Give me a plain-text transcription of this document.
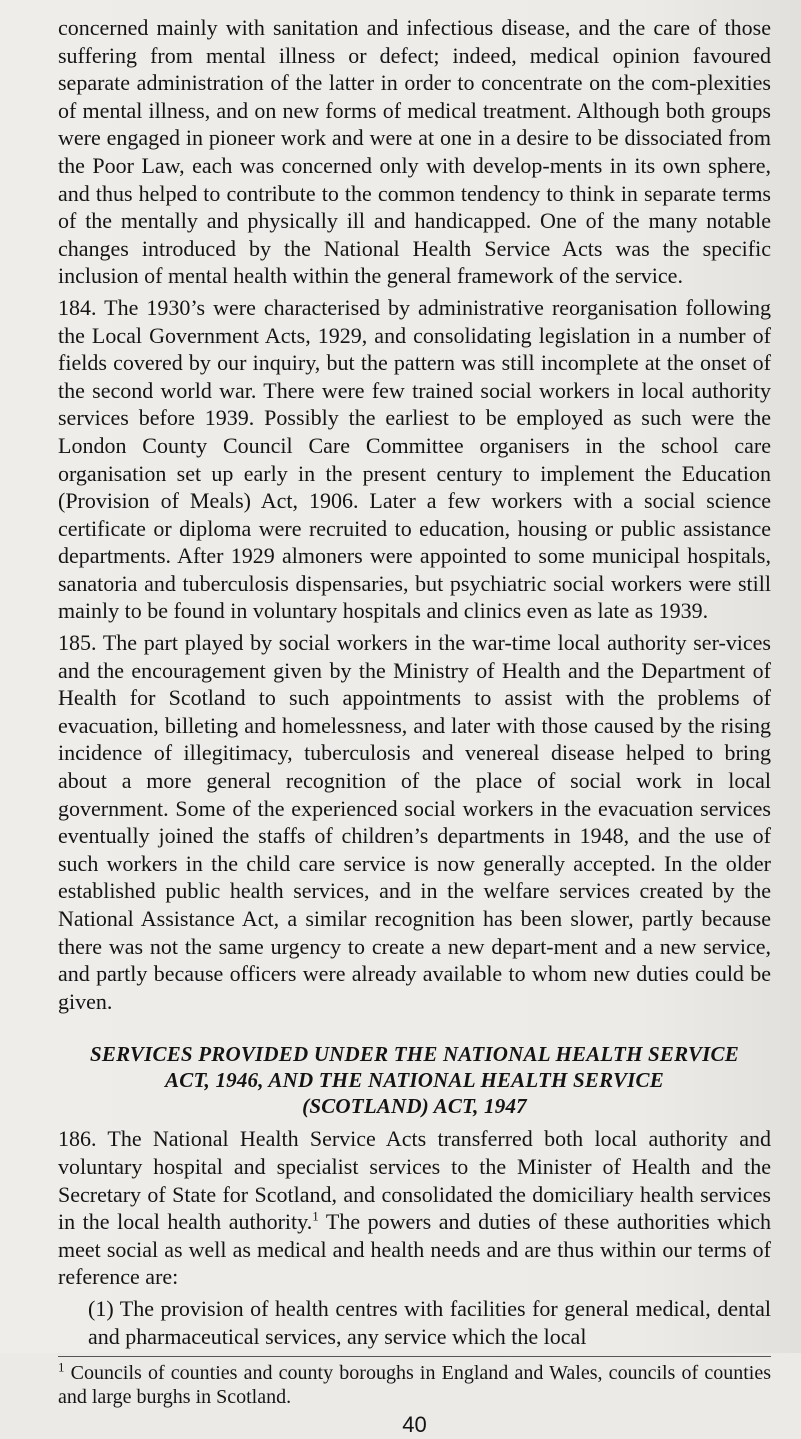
concerned mainly with sanitation and infectious disease, and the care of those suffering from mental illness or defect; indeed, medical opinion favoured separate administration of the latter in order to concentrate on the com-plexities of mental illness, and on new forms of medical treatment. Although both groups were engaged in pioneer work and were at one in a desire to be dissociated from the Poor Law, each was concerned only with develop-ments in its own sphere, and thus helped to contribute to the common tendency to think in separate terms of the mentally and physically ill and handicapped. One of the many notable changes introduced by the National Health Service Acts was the specific inclusion of mental health within the general framework of the service.

184. The 1930’s were characterised by administrative reorganisation following the Local Government Acts, 1929, and consolidating legislation in a number of fields covered by our inquiry, but the pattern was still incomplete at the onset of the second world war. There were few trained social workers in local authority services before 1939. Possibly the earliest to be employed as such were the London County Council Care Committee organisers in the school care organisation set up early in the present century to implement the Education (Provision of Meals) Act, 1906. Later a few workers with a social science certificate or diploma were recruited to education, housing or public assistance departments. After 1929 almoners were appointed to some municipal hospitals, sanatoria and tuberculosis dispensaries, but psychiatric social workers were still mainly to be found in voluntary hospitals and clinics even as late as 1939.

185. The part played by social workers in the war-time local authority ser-vices and the encouragement given by the Ministry of Health and the Department of Health for Scotland to such appointments to assist with the problems of evacuation, billeting and homelessness, and later with those caused by the rising incidence of illegitimacy, tuberculosis and venereal disease helped to bring about a more general recognition of the place of social work in local government. Some of the experienced social workers in the evacuation services eventually joined the staffs of children’s departments in 1948, and the use of such workers in the child care service is now generally accepted. In the older established public health services, and in the welfare services created by the National Assistance Act, a similar recognition has been slower, partly because there was not the same urgency to create a new depart-ment and a new service, and partly because officers were already available to whom new duties could be given.

SERVICES PROVIDED UNDER THE NATIONAL HEALTH SERVICE
ACT, 1946, AND THE NATIONAL HEALTH SERVICE
(SCOTLAND) ACT, 1947

186. The National Health Service Acts transferred both local authority and voluntary hospital and specialist services to the Minister of Health and the Secretary of State for Scotland, and consolidated the domiciliary health services in the local health authority.$^1$ The powers and duties of these authorities which meet social as well as medical and health needs and are thus within our terms of reference are:

(1) The provision of health centres with facilities for general medical, dental and pharmaceutical services, any service which the local

$^1$ Councils of counties and county boroughs in England and Wales, councils of counties and large burghs in Scotland.

40
